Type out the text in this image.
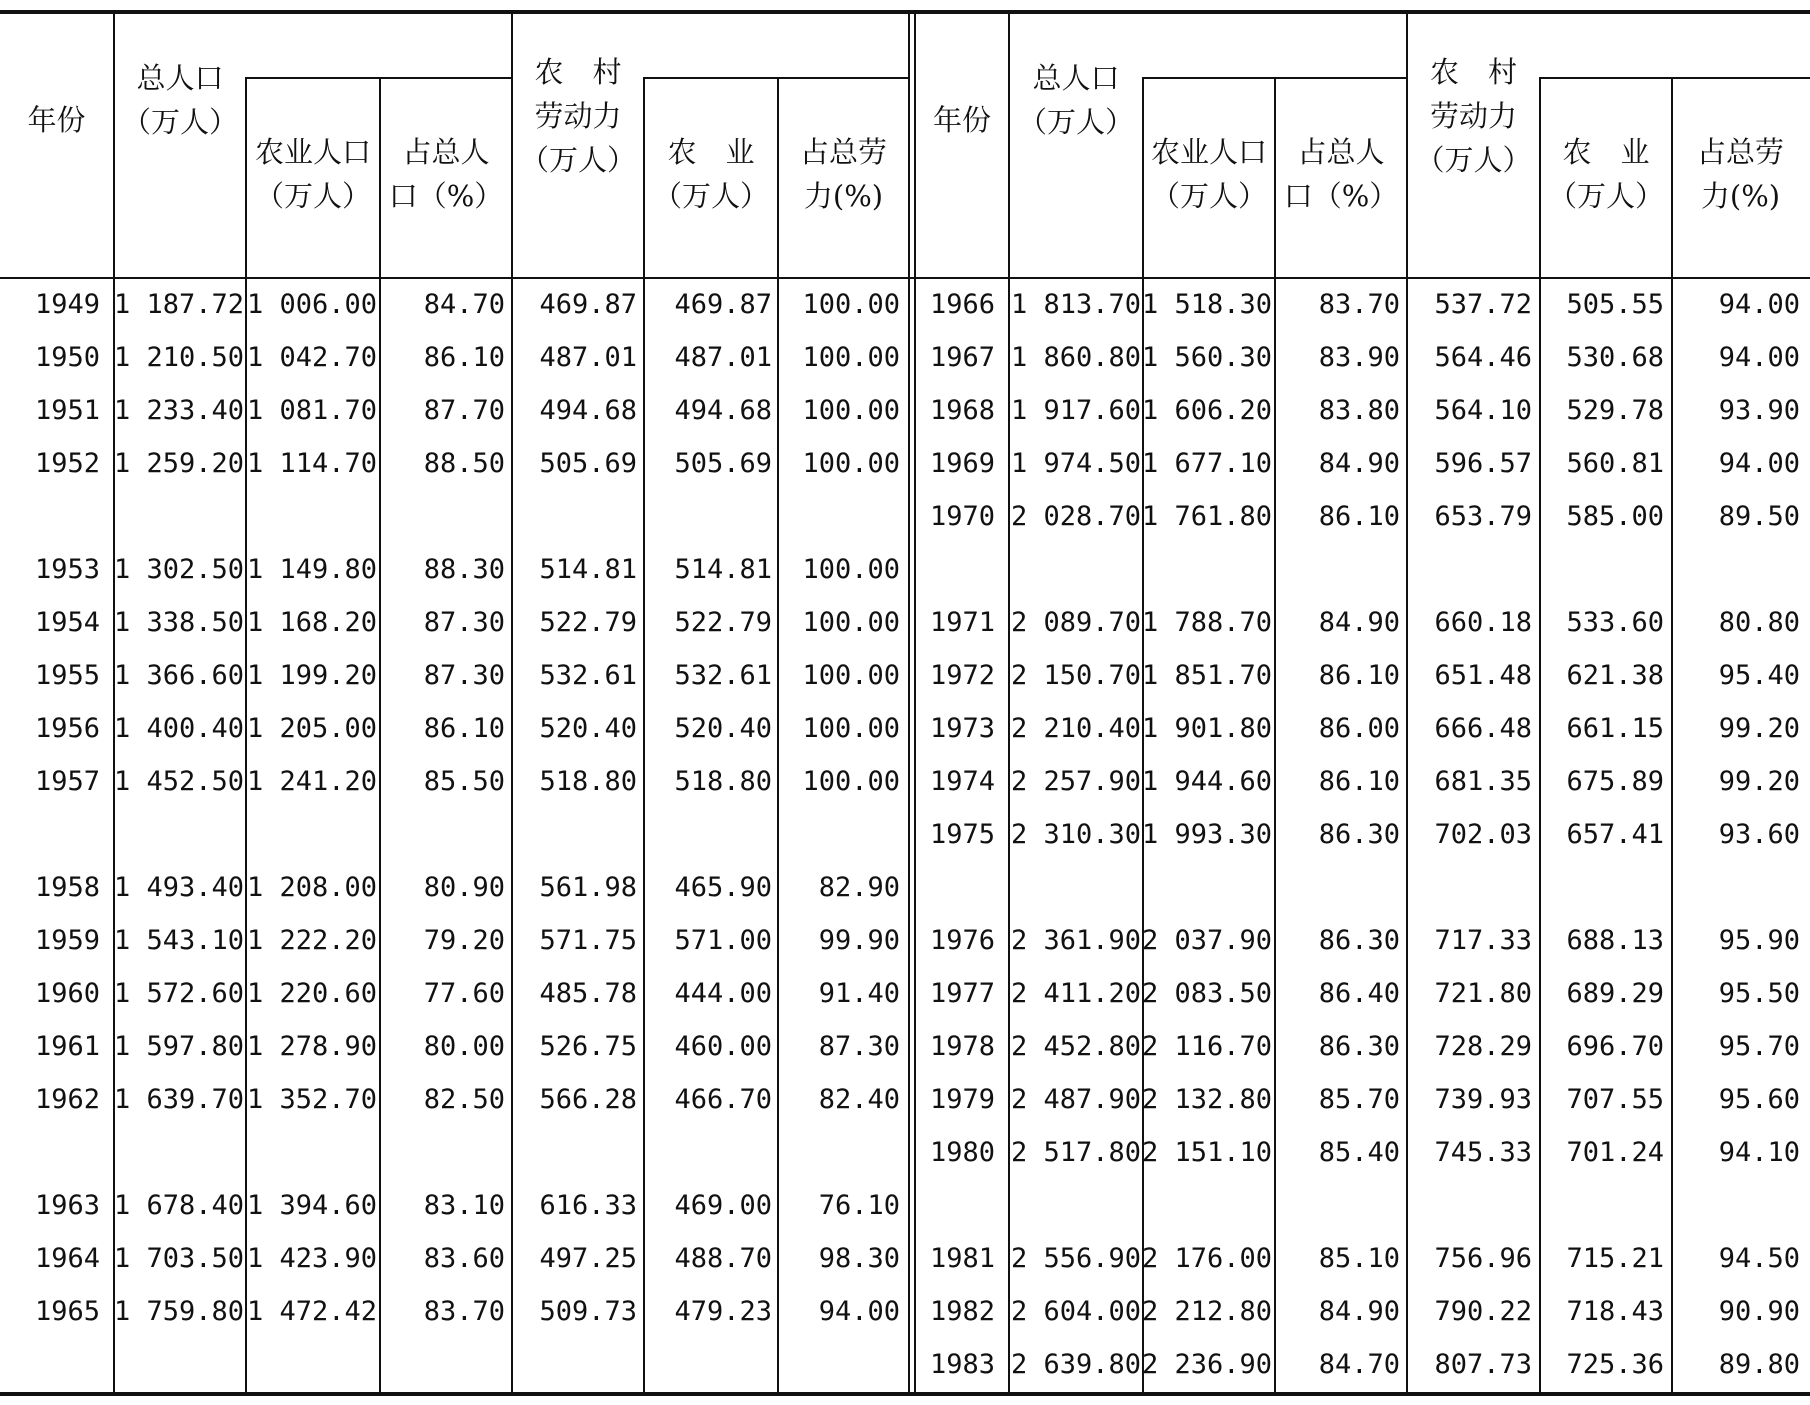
年份
总人口
（万人）
农业人口
（万人）
占总人
口（%）
农　村
劳动力
（万人）	农　业
（万人）
占总劳
力(%)
年份
总人口
（万人）
农业人口
（万人）
占总人
口（%）
农　村
劳动力
（万人）	农　业
（万人）
占总劳
力(%)
1949 1 187.72 1 006.00 84.70 469.87 469.87 100.00
1950 1 210.50 1 042.70 86.10 487.01 487.01 100.00
1951 1 233.40 1 081.70 87.70 494.68 494.68 100.00
1952 1 259.20 1 114.70 88.50 505.69 505.69 100.00
1953 1 302.50 1 149.80 88.30 514.81 514.81 100.00
1954 1 338.50 1 168.20 87.30 522.79 522.79 100.00
1955 1 366.60 1 199.20 87.30 532.61 532.61 100.00
1956 1 400.40 1 205.00 86.10 520.40 520.40 100.00
1957 1 452.50 1 241.20 85.50 518.80 518.80 100.00
1958 1 493.40 1 208.00 80.90 561.98 465.90 82.90
1959 1 543.10 1 222.20 79.20 571.75 571.00 99.90
1960 1 572.60 1 220.60 77.60 485.78 444.00 91.40
1961 1 597.80 1 278.90 80.00 526.75 460.00 87.30
1962 1 639.70 1 352.70 82.50 566.28 466.70 82.40
1963 1 678.40 1 394.60 83.10 616.33 469.00 76.10
1964 1 703.50 1 423.90 83.60 497.25 488.70 98.30
1965 1 759.80 1 472.42 83.70 509.73 479.23 94.00
1966 1 813.70 1 518.30 83.70 537.72 505.55 94.00
1967 1 860.80 1 560.30 83.90 564.46 530.68 94.00
1968 1 917.60 1 606.20 83.80 564.10 529.78 93.90
1969 1 974.50 1 677.10 84.90 596.57 560.81 94.00
1970 2 028.70 1 761.80 86.10 653.79 585.00 89.50
1971 2 089.70 1 788.70 84.90 660.18 533.60 80.80
1972 2 150.70 1 851.70 86.10 651.48 621.38 95.40
1973 2 210.40 1 901.80 86.00 666.48 661.15 99.20
1974 2 257.90 1 944.60 86.10 681.35 675.89 99.20
1975 2 310.30 1 993.30 86.30 702.03 657.41 93.60
1976 2 361.90 2 037.90 86.30 717.33 688.13 95.90
1977 2 411.20 2 083.50 86.40 721.80 689.29 95.50
1978 2 452.80 2 116.70 86.30 728.29 696.70 95.70
1979 2 487.90 2 132.80 85.70 739.93 707.55 95.60
1980 2 517.80 2 151.10 85.40 745.33 701.24 94.10
1981 2 556.90 2 176.00 85.10 756.96 715.21 94.50
1982 2 604.00 2 212.80 84.90 790.22 718.43 90.90
1983 2 639.80 2 236.90 84.70 807.73 725.36 89.80
